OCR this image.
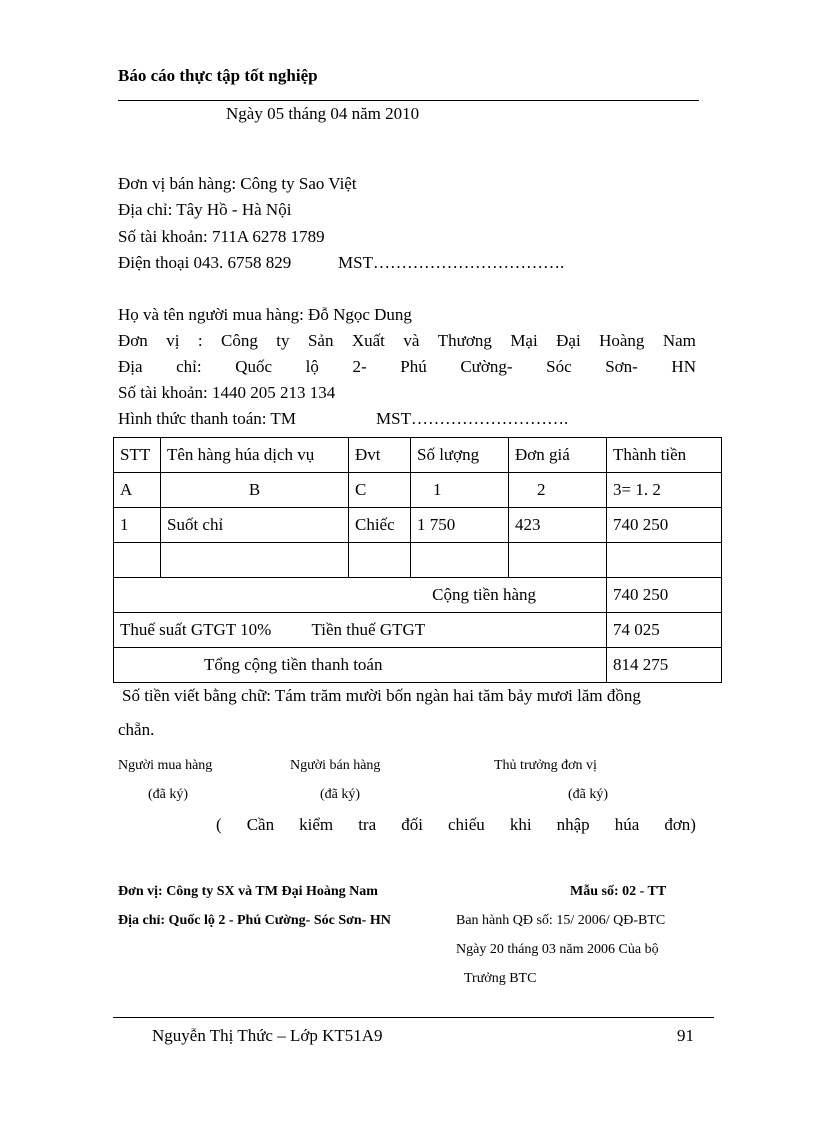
Báo cáo thực tập tốt nghiệp
Ngày 05 tháng 04 năm 2010
Đơn vị bán hàng: Công ty Sao Việt
Địa chỉ: Tây Hồ - Hà Nội
Số tài khoản: 711A 6278 1789
Điện thoại 043. 6758 829	MST…………………………….
Họ và tên người mua hàng: Đỗ Ngọc Dung
Đơn vị : Công ty Sản Xuất và Thương Mại Đại Hoàng Nam
Địa chỉ: Quốc lộ 2- Phú Cường- Sóc Sơn- HN
Số tài khoản: 1440 205 213 134
Hình thức thanh toán: TM	MST……………………….
STT	Tên hàng húa dịch vụ	Đvt	Số lượng	Đơn giá	Thành tiền
A	B	C	1	2	3= 1. 2
1	Suốt chỉ	Chiếc	1 750	423	740 250

Cộng tiền hàng					740 250
Thuế suất GTGT 10% Tiền thuế GTGT					74 025
Tổng cộng tiền thanh toán					814 275
Số tiền viết bằng chữ: Tám trăm mười bốn ngàn hai tăm bảy mươi lăm đồng
chẵn.
Người mua hàng	Người bán hàng	Thủ trưởng đơn vị
(đã ký)	(đã ký)	(đã ký)
( Cần kiểm tra đối chiếu khi nhập húa đơn)
Đơn vị: Công ty SX và TM Đại Hoàng Nam	Mẫu số: 02 - TT
Địa chỉ: Quốc lộ 2 - Phú Cường- Sóc Sơn- HN	Ban hành QĐ số: 15/ 2006/ QĐ-BTC
Ngày 20 tháng 03 năm 2006 Của bộ
Trưởng BTC
Nguyễn Thị Thức – Lớp KT51A9	91
